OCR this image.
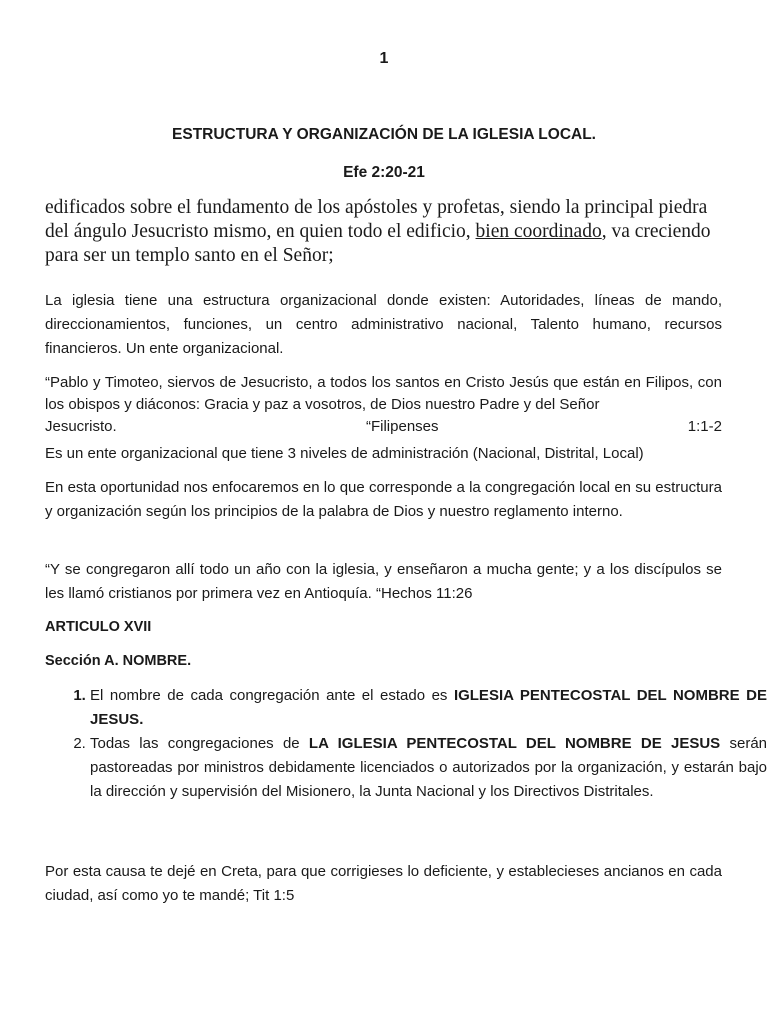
1
ESTRUCTURA Y ORGANIZACIÓN DE LA IGLESIA LOCAL.
Efe 2:20-21
edificados sobre el fundamento de los apóstoles y profetas, siendo la principal piedra del ángulo Jesucristo mismo, en quien todo el edificio, bien coordinado, va creciendo para ser un templo santo en el Señor;
La iglesia tiene una estructura organizacional donde existen: Autoridades, líneas de mando, direccionamientos, funciones, un centro administrativo nacional, Talento humano, recursos financieros. Un ente organizacional.
“Pablo y Timoteo, siervos de Jesucristo, a todos los santos en Cristo Jesús que están en Filipos, con los obispos y diáconos: Gracia y paz a vosotros, de Dios nuestro Padre y del Señor
Jesucristo.	“Filipenses	1:1-2
Es un ente organizacional que tiene 3 niveles de administración (Nacional, Distrital, Local)
En esta oportunidad nos enfocaremos en lo que corresponde a la congregación local en su estructura y organización según los principios de la palabra de Dios y nuestro reglamento interno.
“Y se congregaron allí todo un año con la iglesia, y enseñaron a mucha gente; y a los discípulos se les llamó cristianos por primera vez en Antioquía. “Hechos 11:26
ARTICULO XVII
Sección A. NOMBRE.
1. El nombre de cada congregación ante el estado es IGLESIA PENTECOSTAL DEL NOMBRE DE JESUS.
2. Todas las congregaciones de LA IGLESIA PENTECOSTAL DEL NOMBRE DE JESUS serán pastoreadas por ministros debidamente licenciados o autorizados por la organización, y estarán bajo la dirección y supervisión del Misionero, la Junta Nacional y los Directivos Distritales.
Por esta causa te dejé en Creta, para que corrigieses lo deficiente, y establecieses ancianos en cada ciudad, así como yo te mandé; Tit 1:5
